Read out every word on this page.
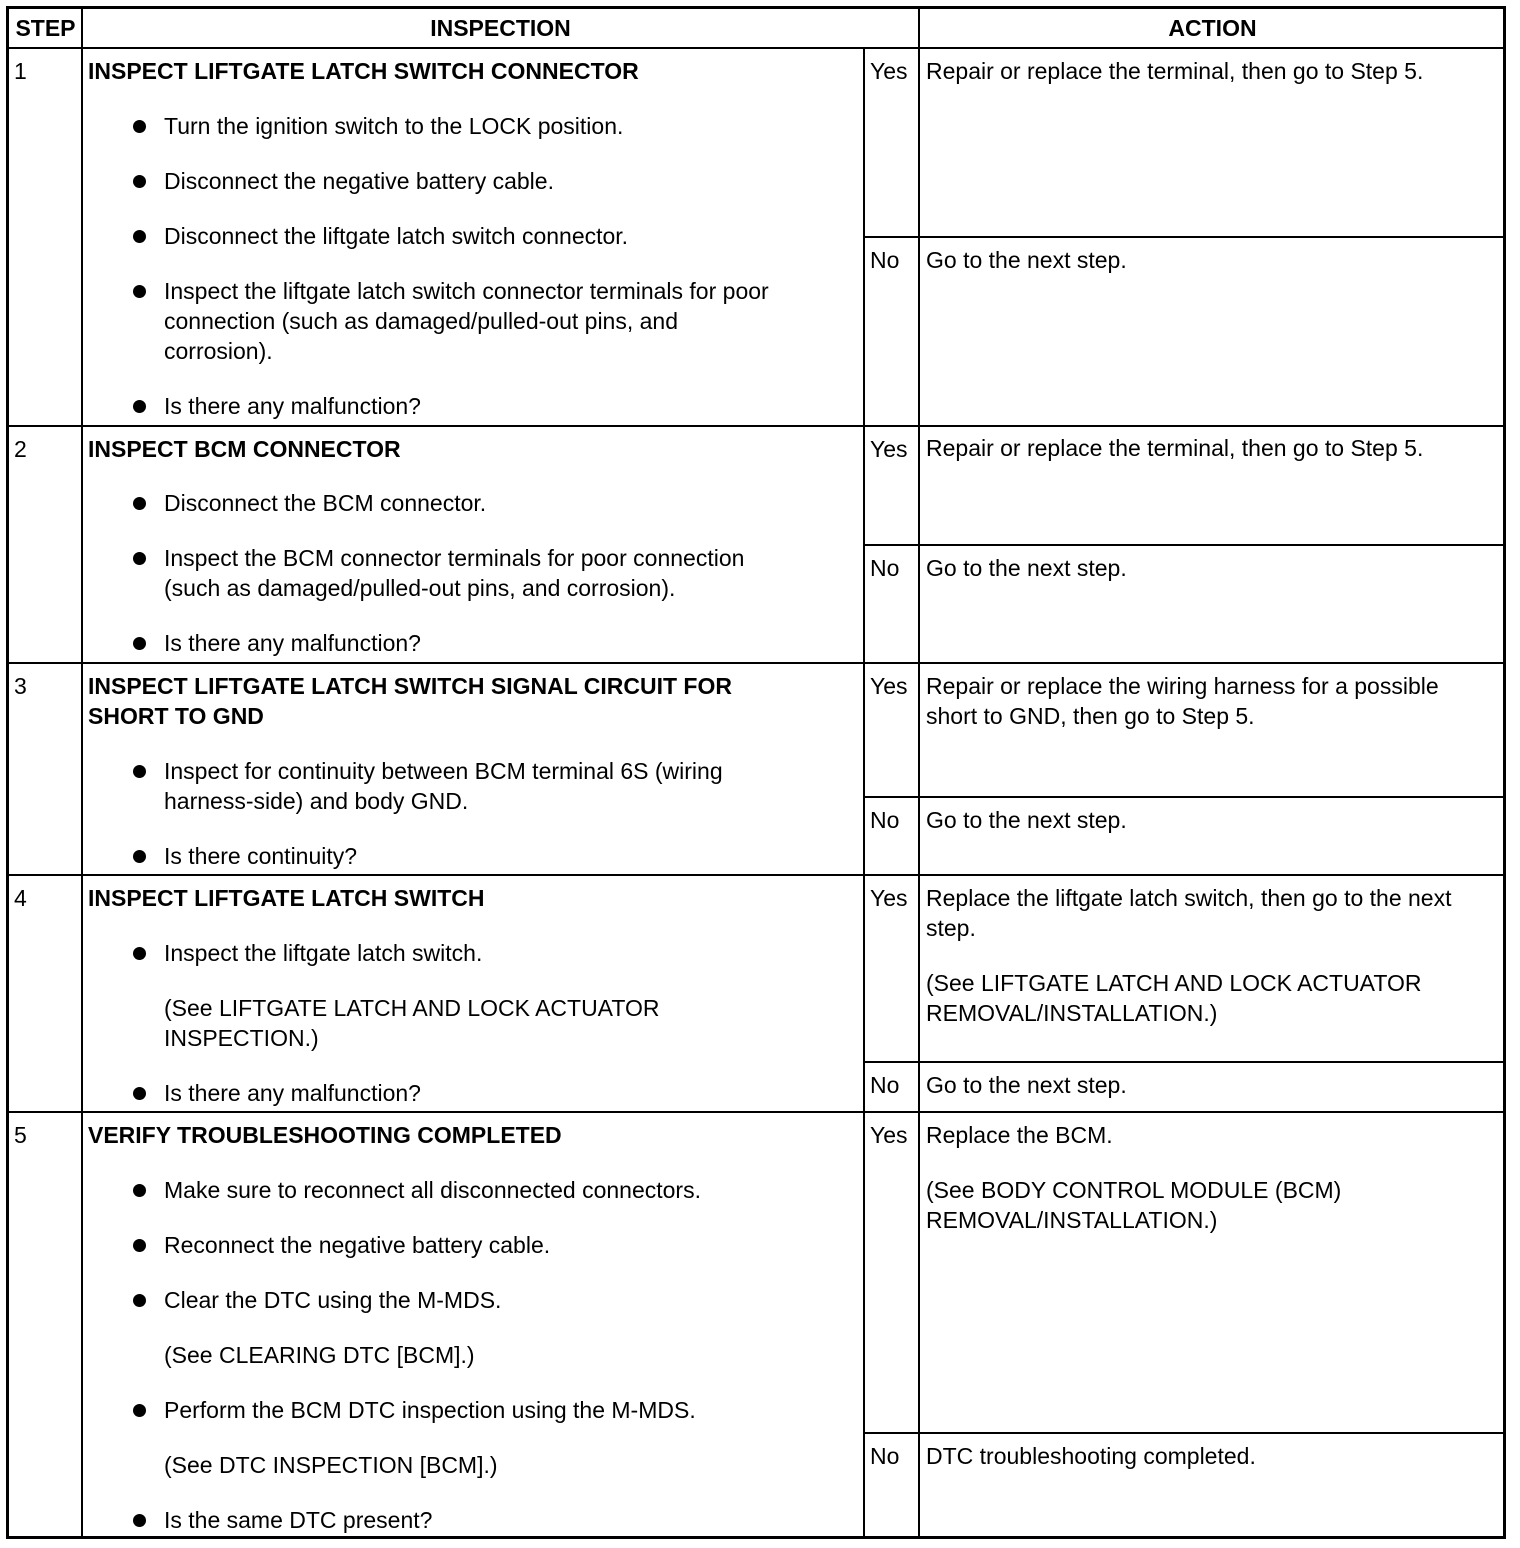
STEP	INSPECTION	ACTION
1	INSPECT LIFTGATE LATCH SWITCH CONNECTOR
Turn the ignition switch to the LOCK position.
Disconnect the negative battery cable.
Disconnect the liftgate latch switch connector.
Inspect the liftgate latch switch connector terminals for poor
connection (such as damaged/pulled-out pins, and
corrosion).
Is there any malfunction?
Yes Repair or replace the terminal, then go to Step 5.
No Go to the next step.
2	INSPECT BCM CONNECTOR
Disconnect the BCM connector.
Inspect the BCM connector terminals for poor connection
(such as damaged/pulled-out pins, and corrosion).
Is there any malfunction?
Yes Repair or replace the terminal, then go to Step 5.
No Go to the next step.
3	INSPECT LIFTGATE LATCH SWITCH SIGNAL CIRCUIT FOR
SHORT TO GND
Inspect for continuity between BCM terminal 6S (wiring
harness-side) and body GND.
Is there continuity?
Yes Repair or replace the wiring harness for a possible
short to GND, then go to Step 5.
No Go to the next step.
4	INSPECT LIFTGATE LATCH SWITCH
Inspect the liftgate latch switch.
(See LIFTGATE LATCH AND LOCK ACTUATOR
INSPECTION.)
Is there any malfunction?
Yes Replace the liftgate latch switch, then go to the next
step.
(See LIFTGATE LATCH AND LOCK ACTUATOR
REMOVAL/INSTALLATION.)
No Go to the next step.
5	VERIFY TROUBLESHOOTING COMPLETED
Make sure to reconnect all disconnected connectors.
Reconnect the negative battery cable.
Clear the DTC using the M-MDS.
(See CLEARING DTC [BCM].)
Perform the BCM DTC inspection using the M-MDS.
(See DTC INSPECTION [BCM].)
Is the same DTC present?
Yes Replace the BCM.
(See BODY CONTROL MODULE (BCM)
REMOVAL/INSTALLATION.)
No DTC troubleshooting completed.
